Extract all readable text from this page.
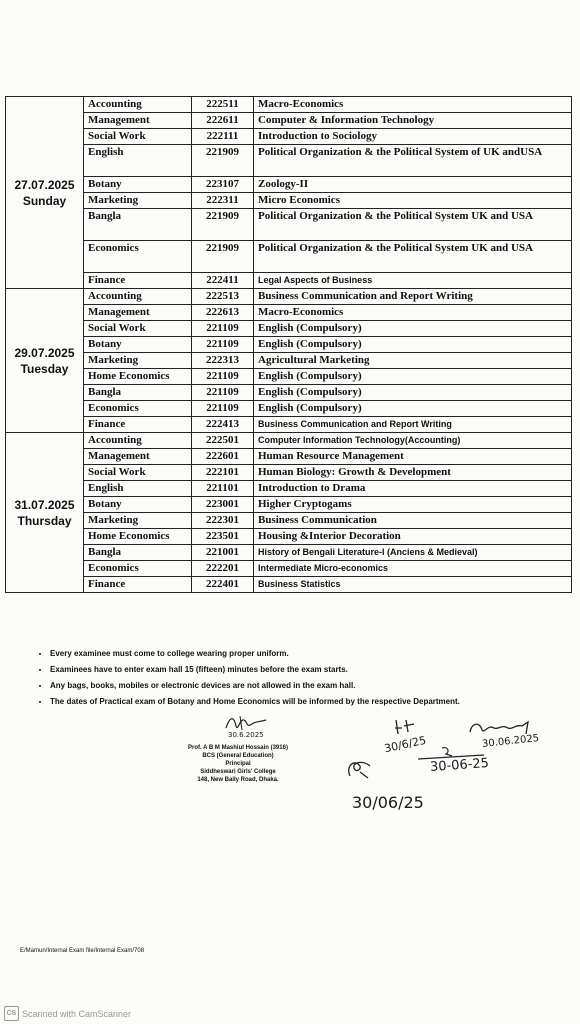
27.07.2025
Sunday	Accounting	222511	Macro-Economics
	Management	222611	Computer & Information Technology
	Social Work	222111	Introduction to Sociology
	English	221909	Political Organization & the Political System of UK andUSA
	Botany	223107	Zoology-II
	Marketing	222311	Micro Economics
	Bangla	221909	Political Organization & the Political System UK and USA
	Economics	221909	Political Organization & the Political System UK and USA
	Finance	222411	Legal Aspects of Business

29.07.2025
Tuesday	Accounting	222513	Business Communication and Report Writing
	Management	222613	Macro-Economics
	Social Work	221109	English (Compulsory)
	Botany	221109	English (Compulsory)
	Marketing	222313	Agricultural Marketing
	Home Economics	221109	English (Compulsory)
	Bangla	221109	English (Compulsory)
	Economics	221109	English (Compulsory)
	Finance	222413	Business Communication and Report Writing

31.07.2025
Thursday	Accounting	222501	Computer Information Technology(Accounting)
	Management	222601	Human Resource Management
	Social Work	222101	Human Biology: Growth & Development
	English	221101	Introduction to Drama
	Botany	223001	Higher Cryptogams
	Marketing	222301	Business Communication
	Home Economics	223501	Housing &Interior Decoration
	Bangla	221001	History of Bengali Literature-I (Anciens & Medieval)
	Economics	222201	Intermediate Micro-economics
	Finance	222401	Business Statistics
• Every examinee must come to college wearing proper uniform.
• Examinees have to enter exam hall 15 (fifteen) minutes before the exam starts.
• Any bags, books, mobiles or electronic devices are not allowed in the exam hall.
• The dates of Practical exam of Botany and Home Economics will be informed by the respective Department.
30.6.2025
Prof. A B M Mashiul Hossain (3916)
BCS (General Education)
Principal
Siddheswari Girls' College
148, New Baily Road, Dhaka.
30/6/25	30.06.2025
30-06-25
30/06/25
E/Mamun/Internal Exam file/Internal Exam/708
CS Scanned with CamScanner
